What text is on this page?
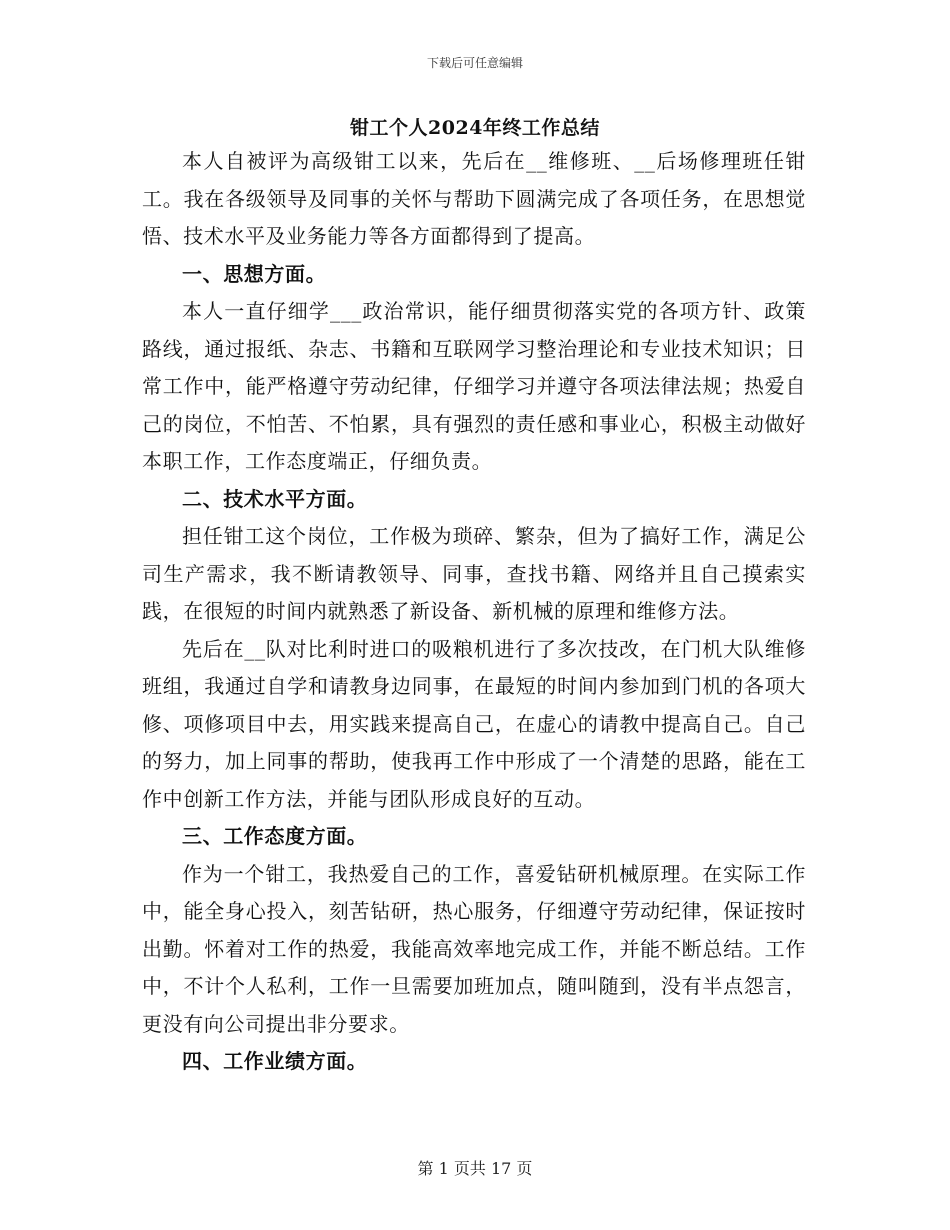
下载后可任意编辑
钳工个人2024年终工作总结

本人自被评为高级钳工以来，先后在__维修班、__后场修理班任钳工。我在各级领导及同事的关怀与帮助下圆满完成了各项任务，在思想觉悟、技术水平及业务能力等各方面都得到了提高。

一、思想方面。

本人一直仔细学___政治常识，能仔细贯彻落实党的各项方针、政策路线，通过报纸、杂志、书籍和互联网学习整治理论和专业技术知识；日常工作中，能严格遵守劳动纪律，仔细学习并遵守各项法律法规；热爱自己的岗位，不怕苦、不怕累，具有强烈的责任感和事业心，积极主动做好本职工作，工作态度端正，仔细负责。

二、技术水平方面。

担任钳工这个岗位，工作极为琐碎、繁杂，但为了搞好工作，满足公司生产需求，我不断请教领导、同事，查找书籍、网络并且自己摸索实践，在很短的时间内就熟悉了新设备、新机械的原理和维修方法。

先后在__队对比利时进口的吸粮机进行了多次技改，在门机大队维修班组，我通过自学和请教身边同事，在最短的时间内参加到门机的各项大修、项修项目中去，用实践来提高自己，在虚心的请教中提高自己。自己的努力，加上同事的帮助，使我再工作中形成了一个清楚的思路，能在工作中创新工作方法，并能与团队形成良好的互动。

三、工作态度方面。

作为一个钳工，我热爱自己的工作，喜爱钻研机械原理。在实际工作中，能全身心投入，刻苦钻研，热心服务，仔细遵守劳动纪律，保证按时出勤。怀着对工作的热爱，我能高效率地完成工作，并能不断总结。工作中，不计个人私利，工作一旦需要加班加点，随叫随到，没有半点怨言，更没有向公司提出非分要求。

四、工作业绩方面。

第 1 页共 17 页
